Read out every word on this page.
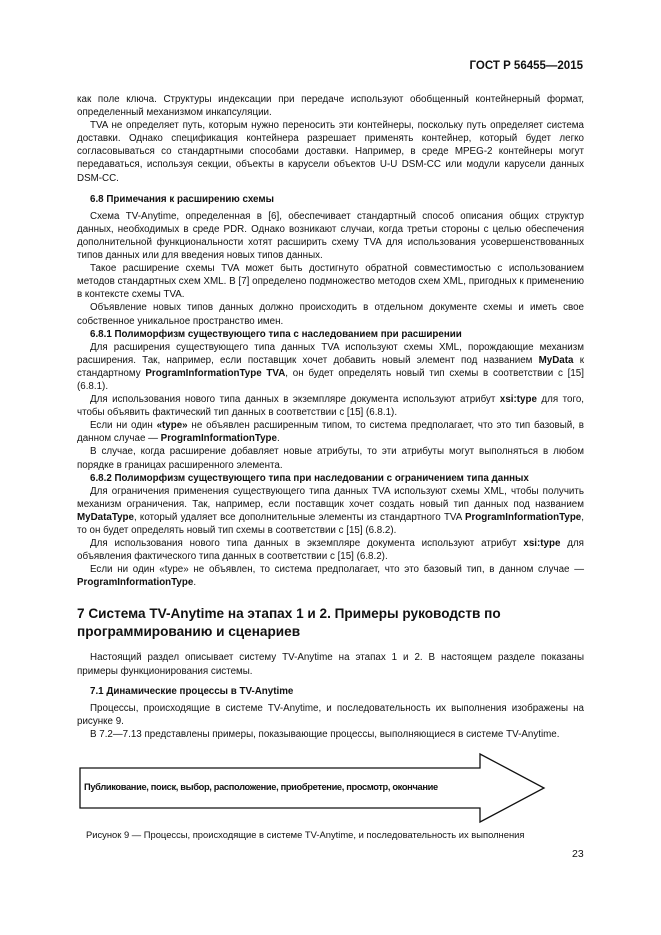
ГОСТ Р 56455—2015

как поле ключа. Структуры индексации при передаче используют обобщенный контейнерный формат, определенный механизмом инкапсуляции.

TVA не определяет путь, которым нужно переносить эти контейнеры, поскольку путь определяет система доставки. Однако спецификация контейнера разрешает применять контейнер, который будет легко согласовываться со стандартными способами доставки. Например, в среде MPEG-2 контейнеры могут передаваться, используя секции, объекты в карусели объектов U-U DSM-CC или модули карусели данных DSM-CC.

6.8 Примечания к расширению схемы

Схема TV-Anytime, определенная в [6], обеспечивает стандартный способ описания общих структур данных, необходимых в среде PDR. Однако возникают случаи, когда третьи стороны с целью обеспечения дополнительной функциональности хотят расширить схему TVA для использования усовершенствованных типов данных или для введения новых типов данных.

Такое расширение схемы TVA может быть достигнуто обратной совместимостью с использованием методов стандартных схем XML. В [7] определено подмножество методов схем XML, пригодных к применению в контексте схемы TVA.

Объявление новых типов данных должно происходить в отдельном документе схемы и иметь свое собственное уникальное пространство имен.

6.8.1 Полиморфизм существующего типа с наследованием при расширении

Для расширения существующего типа данных TVA используют схемы XML, порождающие механизм расширения. Так, например, если поставщик хочет добавить новый элемент под названием MyData к стандартному ProgramInformationType TVA, он будет определять новый тип схемы в соответствии с [15] (6.8.1).

Для использования нового типа данных в экземпляре документа используют атрибут xsi:type для того, чтобы объявить фактический тип данных в соответствии с [15] (6.8.1).

Если ни один «type» не объявлен расширенным типом, то система предполагает, что это тип базовый, в данном случае — ProgramInformationType.

В случае, когда расширение добавляет новые атрибуты, то эти атрибуты могут выполняться в любом порядке в границах расширенного элемента.

6.8.2 Полиморфизм существующего типа при наследовании с ограничением типа данных

Для ограничения применения существующего типа данных TVA используют схемы XML, чтобы получить механизм ограничения. Так, например, если поставщик хочет создать новый тип данных под названием MyDataType, который удаляет все дополнительные элементы из стандартного TVA ProgramInformationType, то он будет определять новый тип схемы в соответствии с [15] (6.8.2).

Для использования нового типа данных в экземпляре документа используют атрибут xsi:type для объявления фактического типа данных в соответствии с [15] (6.8.2).

Если ни один «type» не объявлен, то система предполагает, что это базовый тип, в данном случае — ProgramInformationType.

7 Система TV-Anytime на этапах 1 и 2. Примеры руководств по программированию и сценариев

Настоящий раздел описывает систему TV-Anytime на этапах 1 и 2. В настоящем разделе показаны примеры функционирования системы.

7.1 Динамические процессы в TV-Anytime

Процессы, происходящие в системе TV-Anytime, и последовательность их выполнения изображены на рисунке 9.

В 7.2—7.13 представлены примеры, показывающие процессы, выполняющиеся в системе TV-Anytime.

Публикование, поиск, выбор, расположение, приобретение, просмотр, окончание
Рисунок 9 — Процессы, происходящие в системе TV-Anytime, и последовательность их выполнения
23
